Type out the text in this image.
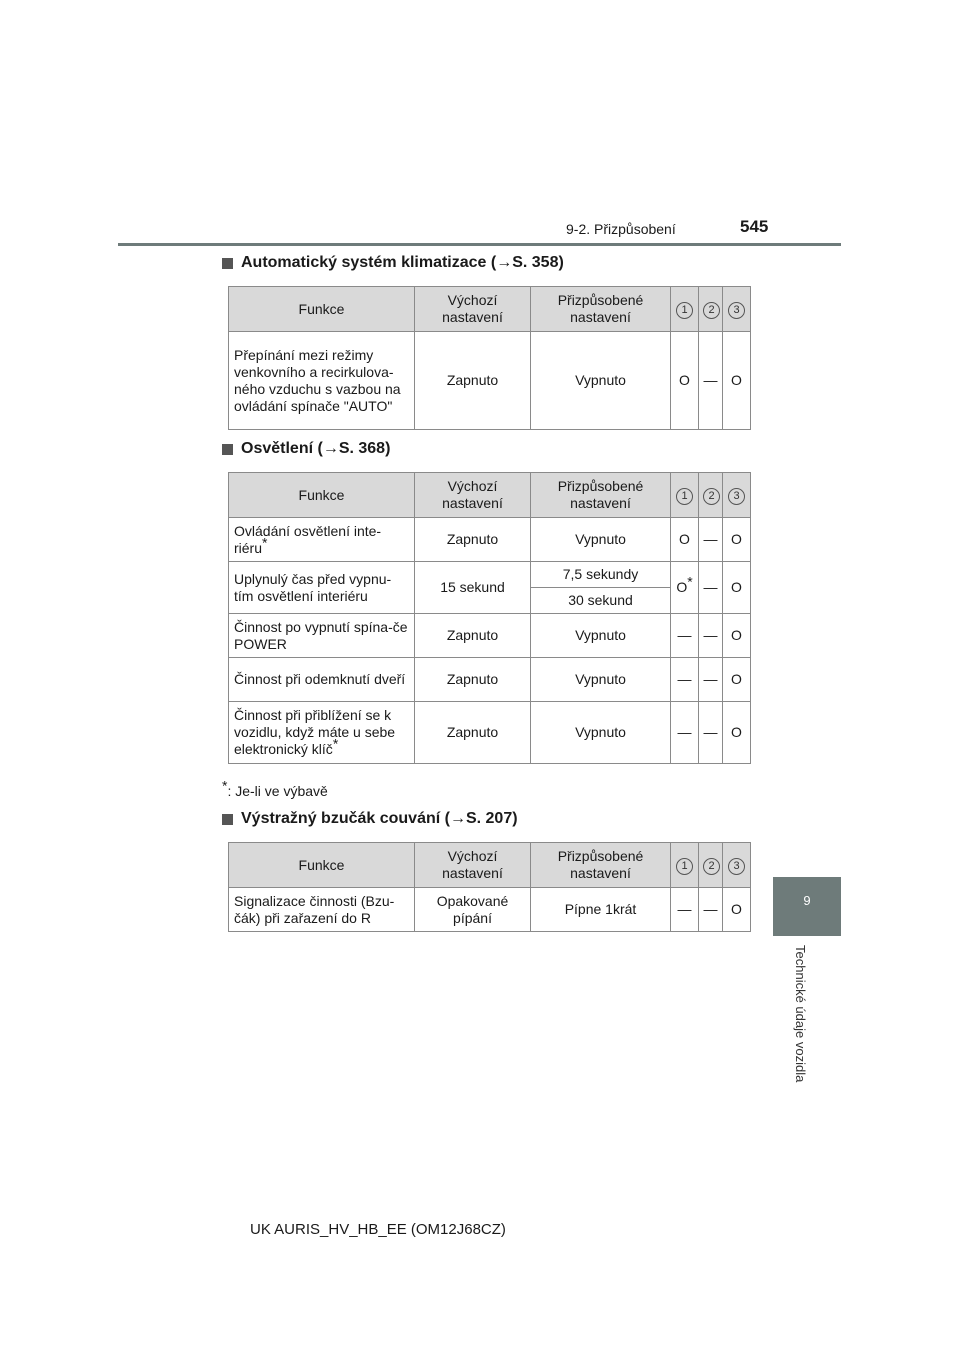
9-2. Přizpůsobení	545
9
Technické údaje vozidla
Automatický systém klimatizace (→S. 358)
Funkce	Výchozí nastavení	Přizpůsobené nastavení	1	2	3
Přepínání mezi režimy venkovního a recirkulova-ného vzduchu s vazbou na ovládání spínače "AUTO"	Zapnuto	Vypnuto	O	—	O
Osvětlení (→S. 368)
Funkce	Výchozí nastavení	Přizpůsobené nastavení	1	2	3
Ovládání osvětlení inte-riéru*	Zapnuto	Vypnuto	O	—	O
Uplynulý čas před vypnu-tím osvětlení interiéru	15 sekund	7,5 sekundy	O*	—	O
		30 sekund			
Činnost po vypnutí spína-če POWER	Zapnuto	Vypnuto	—	—	O
Činnost při odemknutí dveří	Zapnuto	Vypnuto	—	—	O
Činnost při přiblížení se k vozidlu, když máte u sebe elektronický klíč*	Zapnuto	Vypnuto	—	—	O
*: Je-li ve výbavě
Výstražný bzučák couvání (→S. 207)
Funkce	Výchozí nastavení	Přizpůsobené nastavení	1	2	3
Signalizace činnosti (Bzu-čák) při zařazení do R	Opakované pípání	Pípne 1krát	—	—	O
UK AURIS_HV_HB_EE (OM12J68CZ)
